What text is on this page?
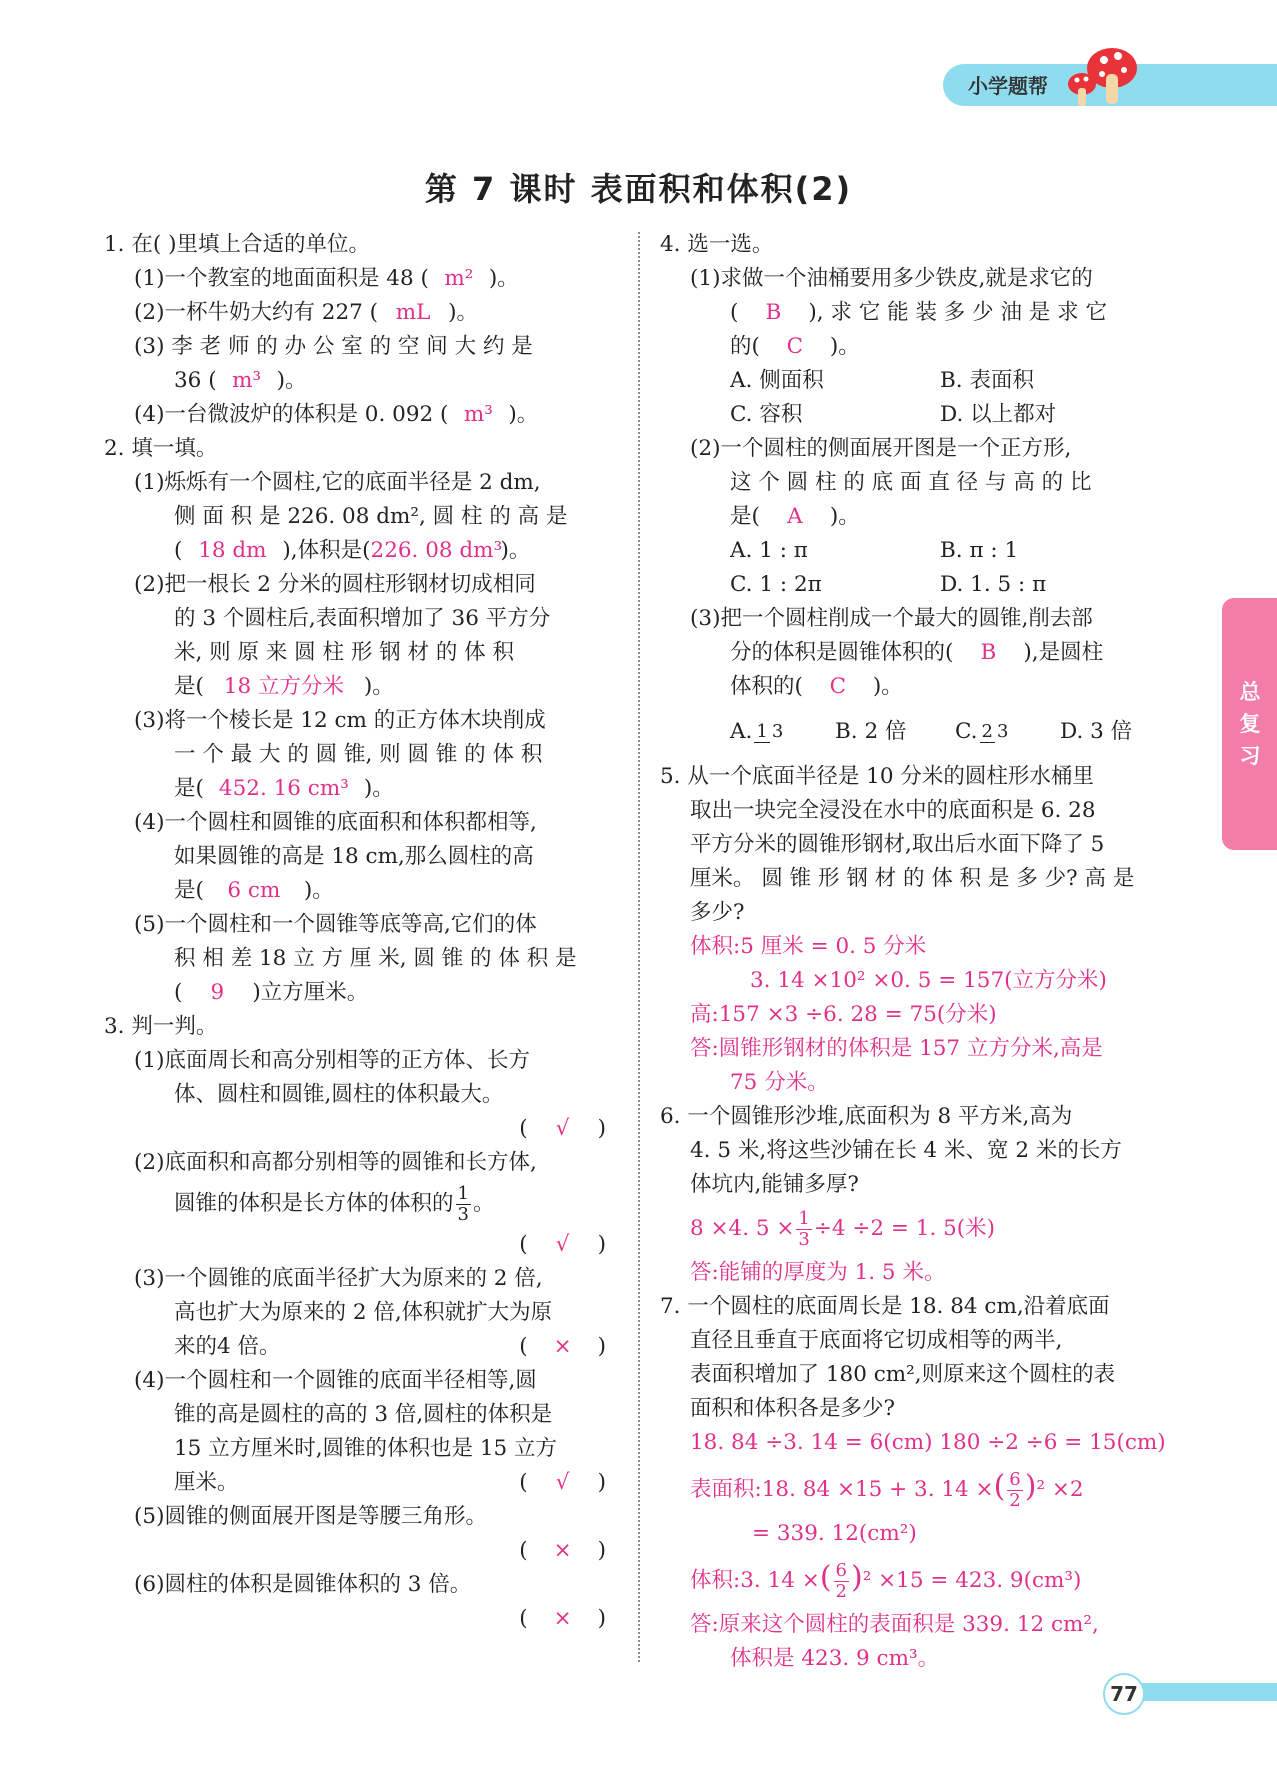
小学题帮
第 7 课时 表面积和体积(2)
1. 在( )里填上合适的单位。
(1)一个教室的地面面积是 48 ( m² )。
(2)一杯牛奶大约有 227 ( mL )。
(3) 李 老 师 的 办 公 室 的 空 间 大 约 是
36 ( m³ )。
(4)一台微波炉的体积是 0. 092 ( m³ )。
2. 填一填。
(1)烁烁有一个圆柱,它的底面半径是 2 dm,
侧 面 积 是 226. 08 dm², 圆 柱 的 高 是
( 18 dm ),体积是(226. 08 dm³)。
(2)把一根长 2 分米的圆柱形钢材切成相同
的 3 个圆柱后,表面积增加了 36 平方分
米, 则 原 来 圆 柱 形 钢 材 的 体 积
是( 18 立方分米 )。
(3)将一个棱长是 12 cm 的正方体木块削成
一 个 最 大 的 圆 锥, 则 圆 锥 的 体 积
是( 452. 16 cm³ )。
(4)一个圆柱和圆锥的底面积和体积都相等,
如果圆锥的高是 18 cm,那么圆柱的高
是( 6 cm )。
(5)一个圆柱和一个圆锥等底等高,它们的体
积 相 差 18 立 方 厘 米, 圆 锥 的 体 积 是
( 9 )立方厘米。
3. 判一判。
(1)底面周长和高分别相等的正方体、长方
体、圆柱和圆锥,圆柱的体积最大。
( √ )
(2)底面积和高都分别相等的圆锥和长方体,
圆锥的体积是长方体的体积的 $\frac{1}{3}$ 。
( √ )
(3)一个圆锥的底面半径扩大为原来的 2 倍,
高也扩大为原来的 2 倍,体积就扩大为原
来的4 倍。	( × )
(4)一个圆柱和一个圆锥的底面半径相等,圆
锥的高是圆柱的高的 3 倍,圆柱的体积是
15 立方厘米时,圆锥的体积也是 15 立方
厘米。	( √ )
(5)圆锥的侧面展开图是等腰三角形。
( × )
(6)圆柱的体积是圆锥体积的 3 倍。
( × )
4. 选一选。
(1)求做一个油桶要用多少铁皮,就是求它的
( B ), 求 它 能 装 多 少 油 是 求 它
的( C )。
A. 侧面积	B. 表面积
C. 容积	D. 以上都对
(2)一个圆柱的侧面展开图是一个正方形,
这 个 圆 柱 的 底 面 直 径 与 高 的 比
是( A )。
A. 1 : π	B. π : 1
C. 1 : 2π	D. 1. 5 : π
(3)把一个圆柱削成一个最大的圆锥,削去部
分的体积是圆锥体积的( B ),是圆柱
体积的( C )。
A. 1 3	B. 2 倍	C. 2 3	D. 3 倍
5. 从一个底面半径是 10 分米的圆柱形水桶里
取出一块完全浸没在水中的底面积是 6. 28
平方分米的圆锥形钢材,取出后水面下降了 5
厘米。 圆 锥 形 钢 材 的 体 积 是 多 少? 高 是
多少?
体积:5 厘米 = 0. 5 分米
3. 14 ×10² ×0. 5 = 157(立方分米)
高:157 ×3 ÷6. 28 = 75(分米)
答:圆锥形钢材的体积是 157 立方分米,高是
75 分米。
6. 一个圆锥形沙堆,底面积为 8 平方米,高为
4. 5 米,将这些沙铺在长 4 米、宽 2 米的长方
体坑内,能铺多厚?
8 ×4. $5 \times \frac{1}{3} \div 4 \div 2 = 1$. 5(米)
答:能铺的厚度为 1. 5 米。
7. 一个圆柱的底面周长是 18. 84 cm,沿着底面
直径且垂直于底面将它切成相等的两半,
表面积增加了 180 cm²,则原来这个圆柱的表
面积和体积各是多少?
18. 84 ÷3. 14 = 6(cm) 180 ÷2 ÷6 = 15(cm)
表面积:18. 84 ×15 + 3. 14 ×( $\frac{6}{2} )^2 \times 2$
= 339. 12(cm²)
体积:3. 14 ×( $\frac{6}{2} )^2 \times 15 = 423$. 9(cm³)
答:原来这个圆柱的表面积是 339. 12 cm²,
体积是 423. 9 cm³。
总复习
77
